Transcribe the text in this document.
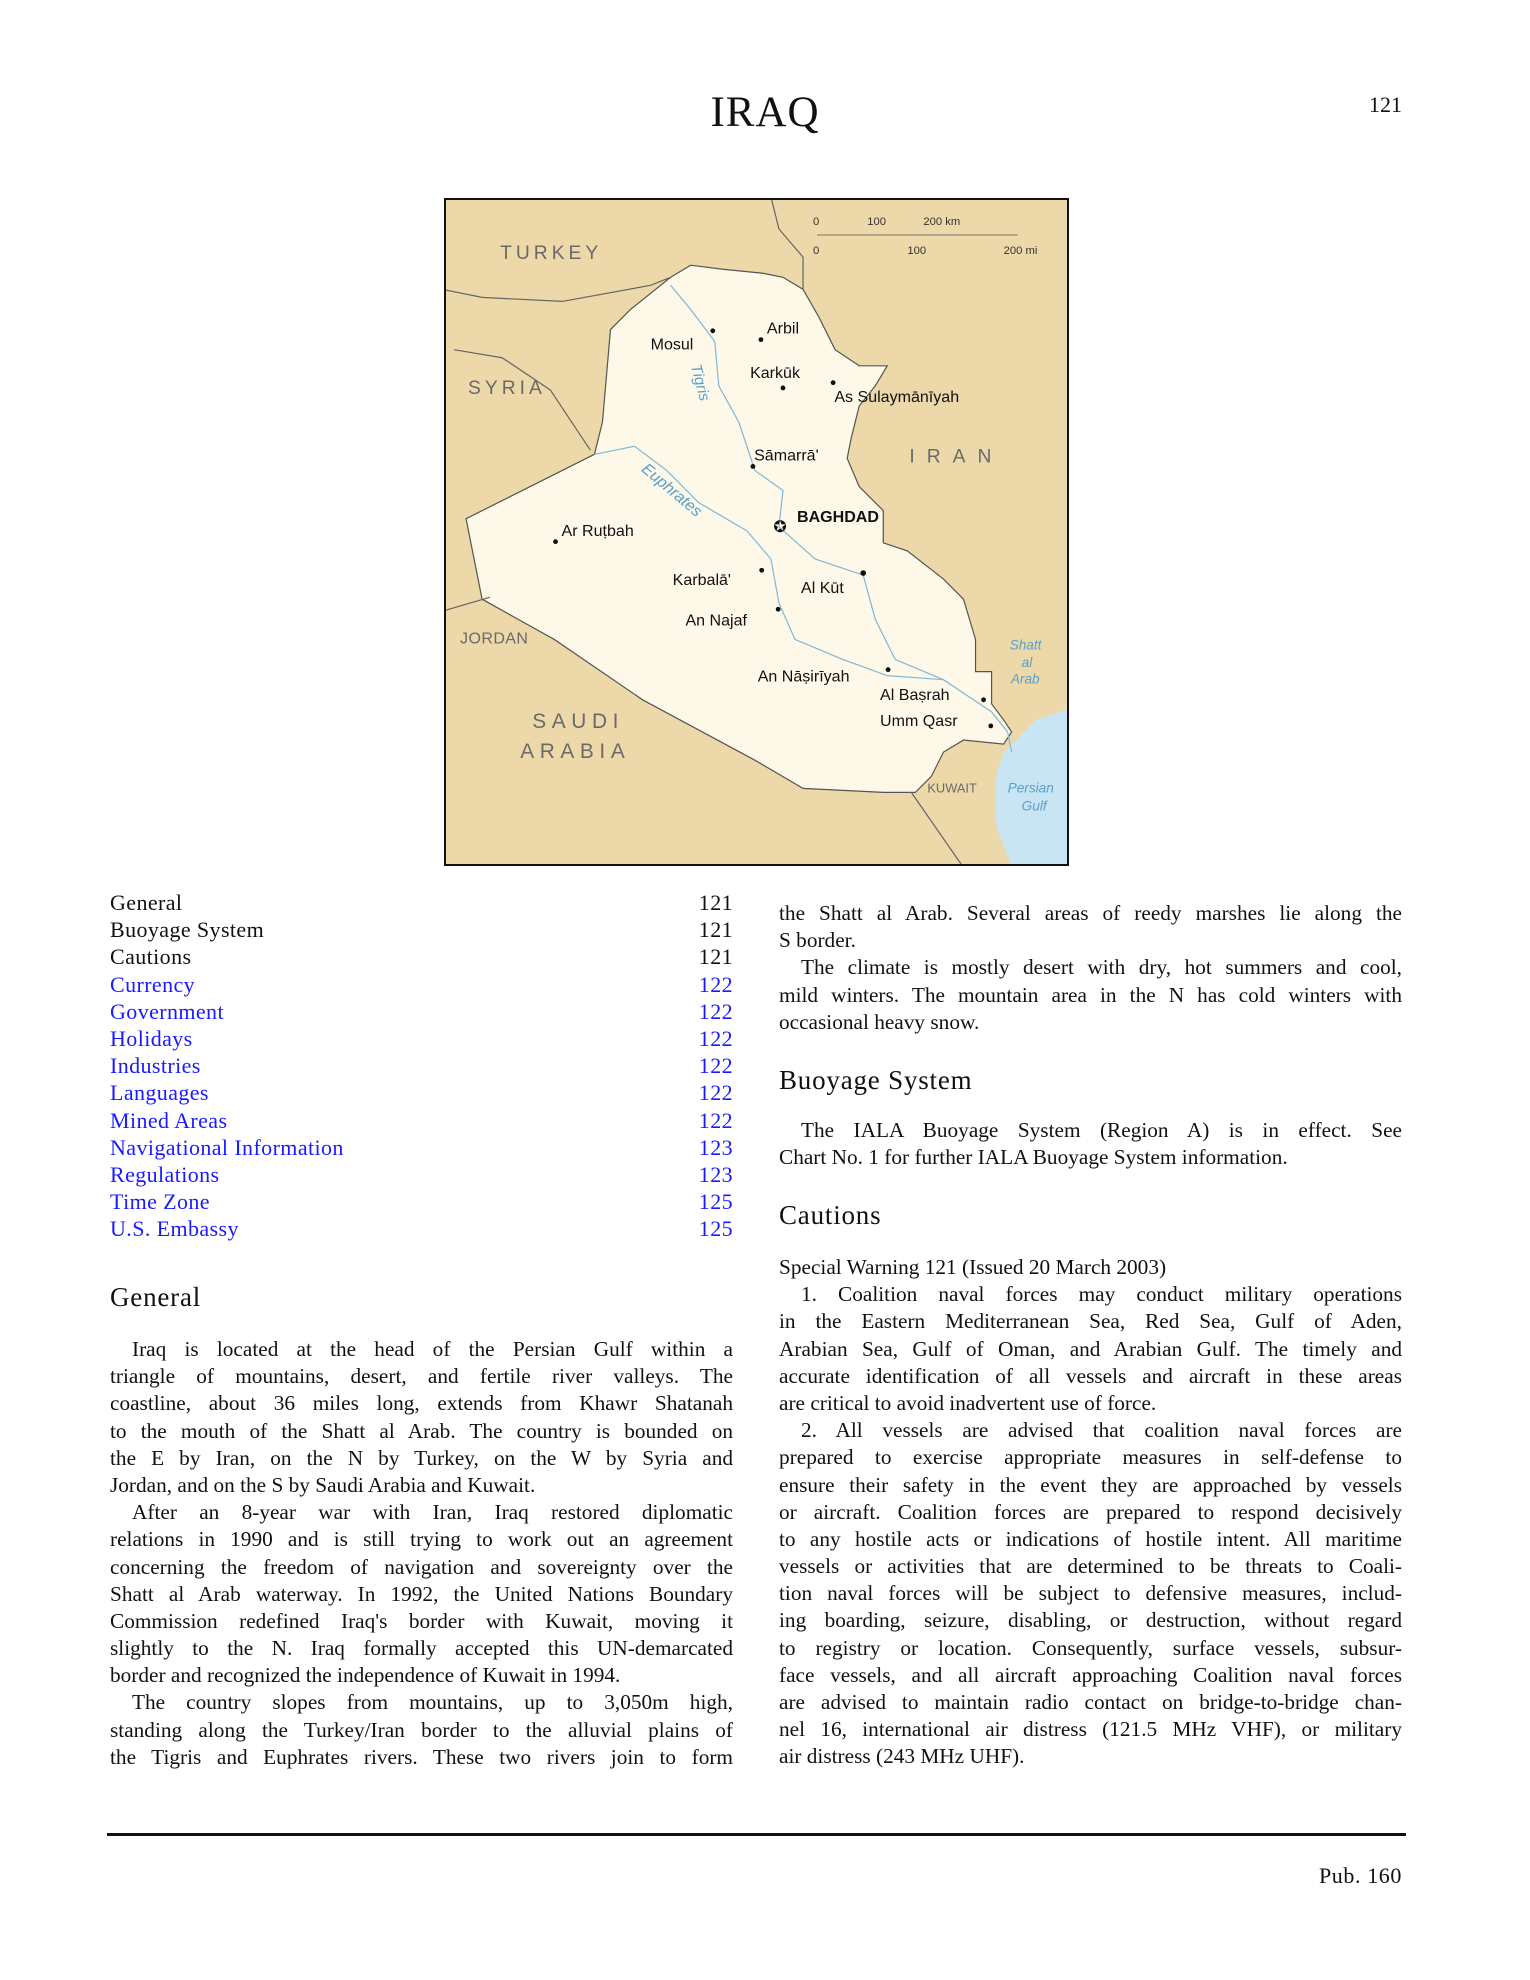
IRAQ	121
TURKEY
SYRIA
IRAN
JORDAN
SAUDI
ARABIA
KUWAIT
Shatt
al
Arab
Persian
Gulf
Tigris
Euphrates
0 100 200 km
0	100	200 mi
✪
Mosul
Arbil
Karkūk
As Sulaymānīyah
Sāmarrā'
BAGHDAD
Ar Ruṭbah
Karbalā' Al Kūt
An Najaf
An Nāṣirīyah
Al Baṣrah
Umm Qasr
General	121
Buoyage System	121
Cautions	121
Currency	122
Government	122
Holidays	122
Industries	122
Languages	122
Mined Areas	122
Navigational Information	123
Regulations	123
Time Zone	125
U.S. Embassy	125
General
Iraq is located at the head of the Persian Gulf within a
triangle of mountains, desert, and fertile river valleys. The
coastline, about 36 miles long, extends from Khawr Shatanah
to the mouth of the Shatt al Arab. The country is bounded on
the E by Iran, on the N by Turkey, on the W by Syria and
Jordan, and on the S by Saudi Arabia and Kuwait.
After an 8-year war with Iran, Iraq restored diplomatic
relations in 1990 and is still trying to work out an agreement
concerning the freedom of navigation and sovereignty over the
Shatt al Arab waterway. In 1992, the United Nations Boundary
Commission redefined Iraq's border with Kuwait, moving it
slightly to the N. Iraq formally accepted this UN-demarcated
border and recognized the independence of Kuwait in 1994.
The country slopes from mountains, up to 3,050m high,
standing along the Turkey/Iran border to the alluvial plains of
the Tigris and Euphrates rivers. These two rivers join to form
the Shatt al Arab. Several areas of reedy marshes lie along the
S border.
The climate is mostly desert with dry, hot summers and cool,
mild winters. The mountain area in the N has cold winters with
occasional heavy snow.
Buoyage System
The IALA Buoyage System (Region A) is in effect. See
Chart No. 1 for further IALA Buoyage System information.
Cautions
Special Warning 121 (Issued 20 March 2003)
1. Coalition naval forces may conduct military operations
in the Eastern Mediterranean Sea, Red Sea, Gulf of Aden,
Arabian Sea, Gulf of Oman, and Arabian Gulf. The timely and
accurate identification of all vessels and aircraft in these areas
are critical to avoid inadvertent use of force.
2. All vessels are advised that coalition naval forces are
prepared to exercise appropriate measures in self-defense to
ensure their safety in the event they are approached by vessels
or aircraft. Coalition forces are prepared to respond decisively
to any hostile acts or indications of hostile intent. All maritime
vessels or activities that are determined to be threats to Coali-
tion naval forces will be subject to defensive measures, includ-
ing boarding, seizure, disabling, or destruction, without regard
to registry or location. Consequently, surface vessels, subsur-
face vessels, and all aircraft approaching Coalition naval forces
are advised to maintain radio contact on bridge-to-bridge chan-
nel 16, international air distress (121.5 MHz VHF), or military
air distress (243 MHz UHF).
Pub. 160
